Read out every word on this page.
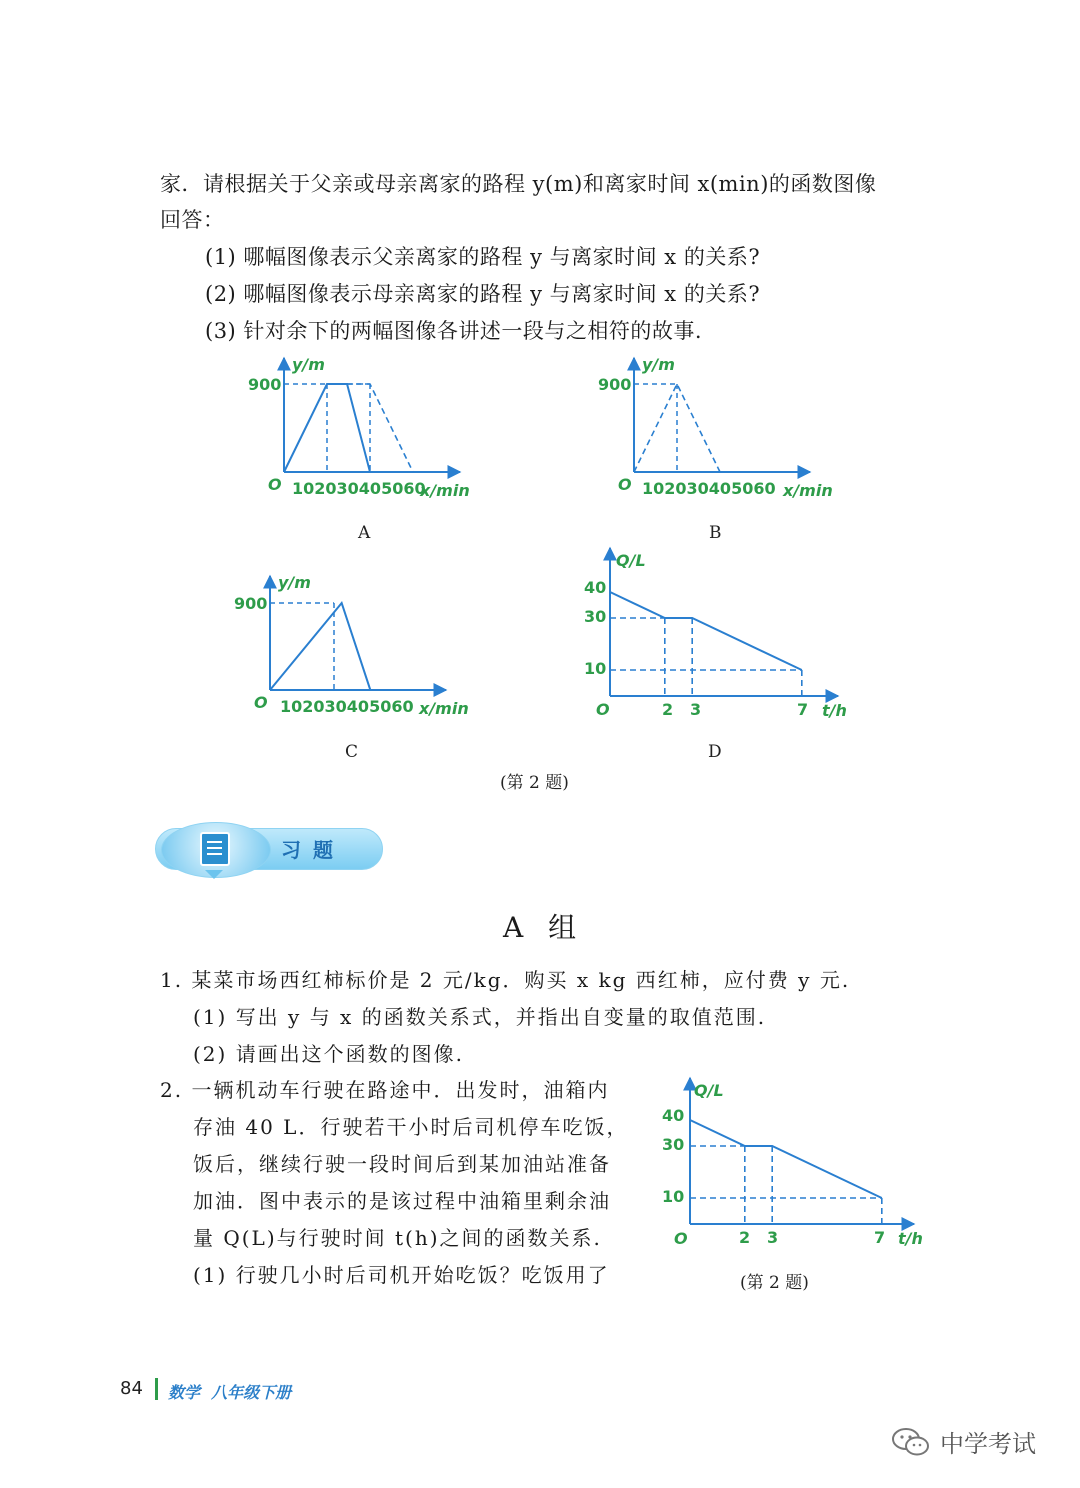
家．请根据关于父亲或母亲离家的路程 y(m)和离家时间 x(min)的函数图像
回答：
(1) 哪幅图像表示父亲离家的路程 y 与离家时间 x 的关系?
(2) 哪幅图像表示母亲离家的路程 y 与离家时间 x 的关系?
(3) 针对余下的两幅图像各讲述一段与之相符的故事.
O
900
102030405060
y/m
x/min
A
O
900
102030405060
y/m
x/min
B
O
900
102030405060
y/m
x/min
C
O
40
30
10
2 3	7
Q/L
t/h
D
(第 2 题)
习题
A 组
1. 某菜市场西红柿标价是 2 元/kg．购买 x kg 西红柿，应付费 y 元.
(1) 写出 y 与 x 的函数关系式，并指出自变量的取值范围.
(2) 请画出这个函数的图像.
2. 一辆机动车行驶在路途中．出发时，油箱内
存油 40 L．行驶若干小时后司机停车吃饭，
饭后，继续行驶一段时间后到某加油站准备
加油．图中表示的是该过程中油箱里剩余油
量 Q(L)与行驶时间 t(h)之间的函数关系.
(1) 行驶几小时后司机开始吃饭？吃饭用了
O
40
30
10
2 3	7
Q/L
t/h
(第 2 题)
84 数学  八年级下册
中学考试
